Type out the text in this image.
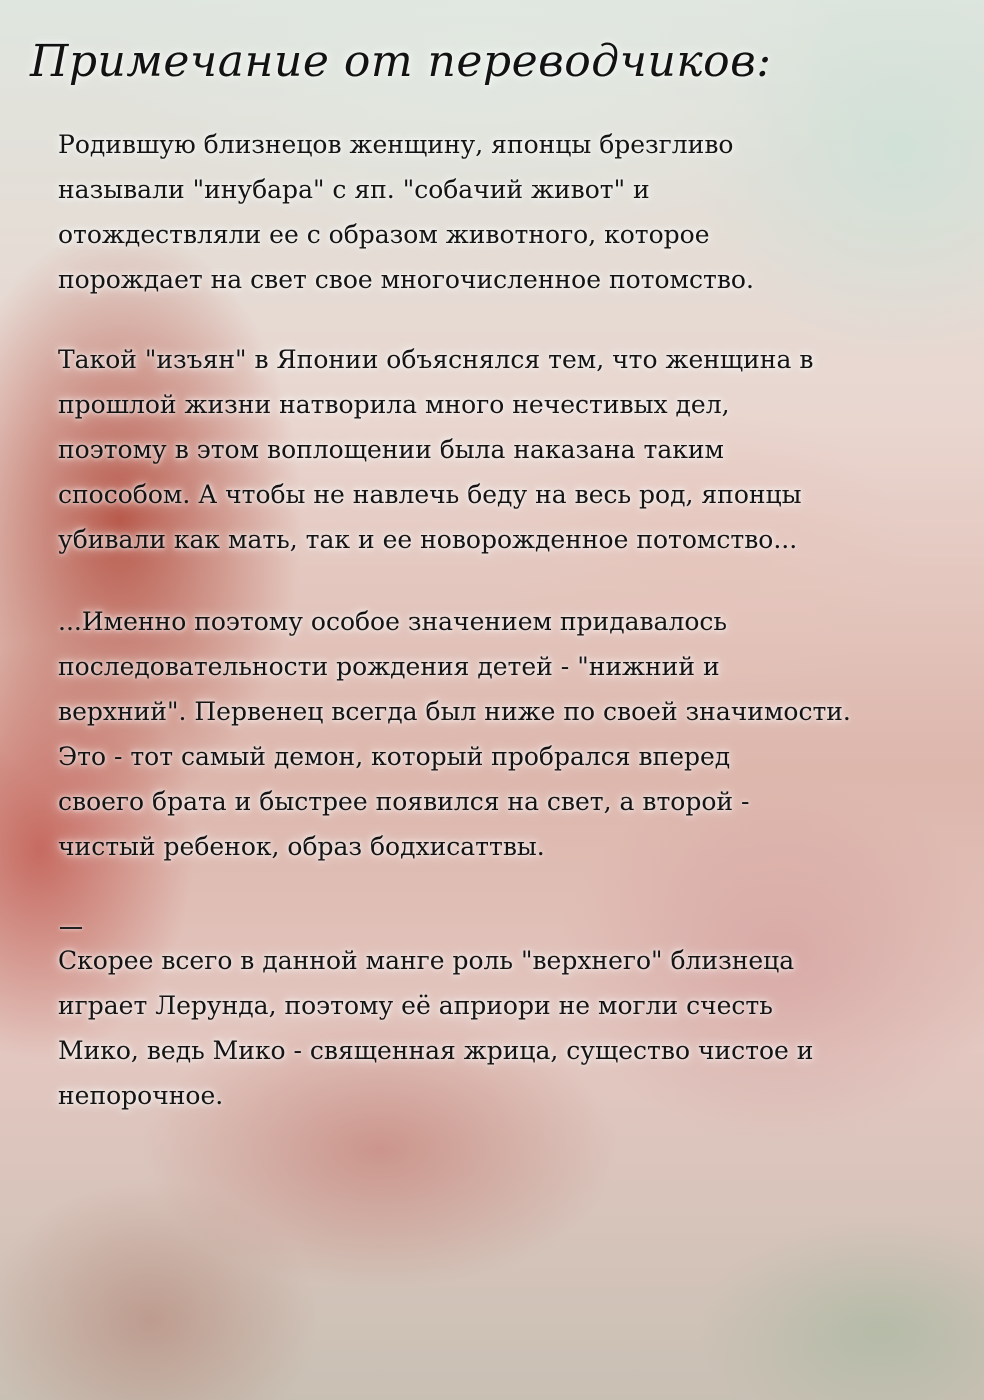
Примечание от переводчиков:
Родившую близнецов женщину, японцы брезгливо
называли "инубара" с яп. "собачий живот" и
отождествляли ее с образом животного, которое
порождает на свет свое многочисленное потомство.
Такой "изъян" в Японии объяснялся тем, что женщина в
прошлой жизни натворила много нечестивых дел,
поэтому в этом воплощении была наказана таким
способом. А чтобы не навлечь беду на весь род, японцы
убивали как мать, так и ее новорожденное потомство...
...Именно поэтому особое значением придавалось
последовательности рождения детей - "нижний и
верхний". Первенец всегда был ниже по своей значимости.
Это - тот самый демон, который пробрался вперед
своего брата и быстрее появился на свет, а второй -
чистый ребенок, образ бодхисаттвы.
Скорее всего в данной манге роль "верхнего" близнеца
играет Лерунда, поэтому её априори не могли счесть
Мико, ведь Мико - священная жрица, существо чистое и
непорочное.
